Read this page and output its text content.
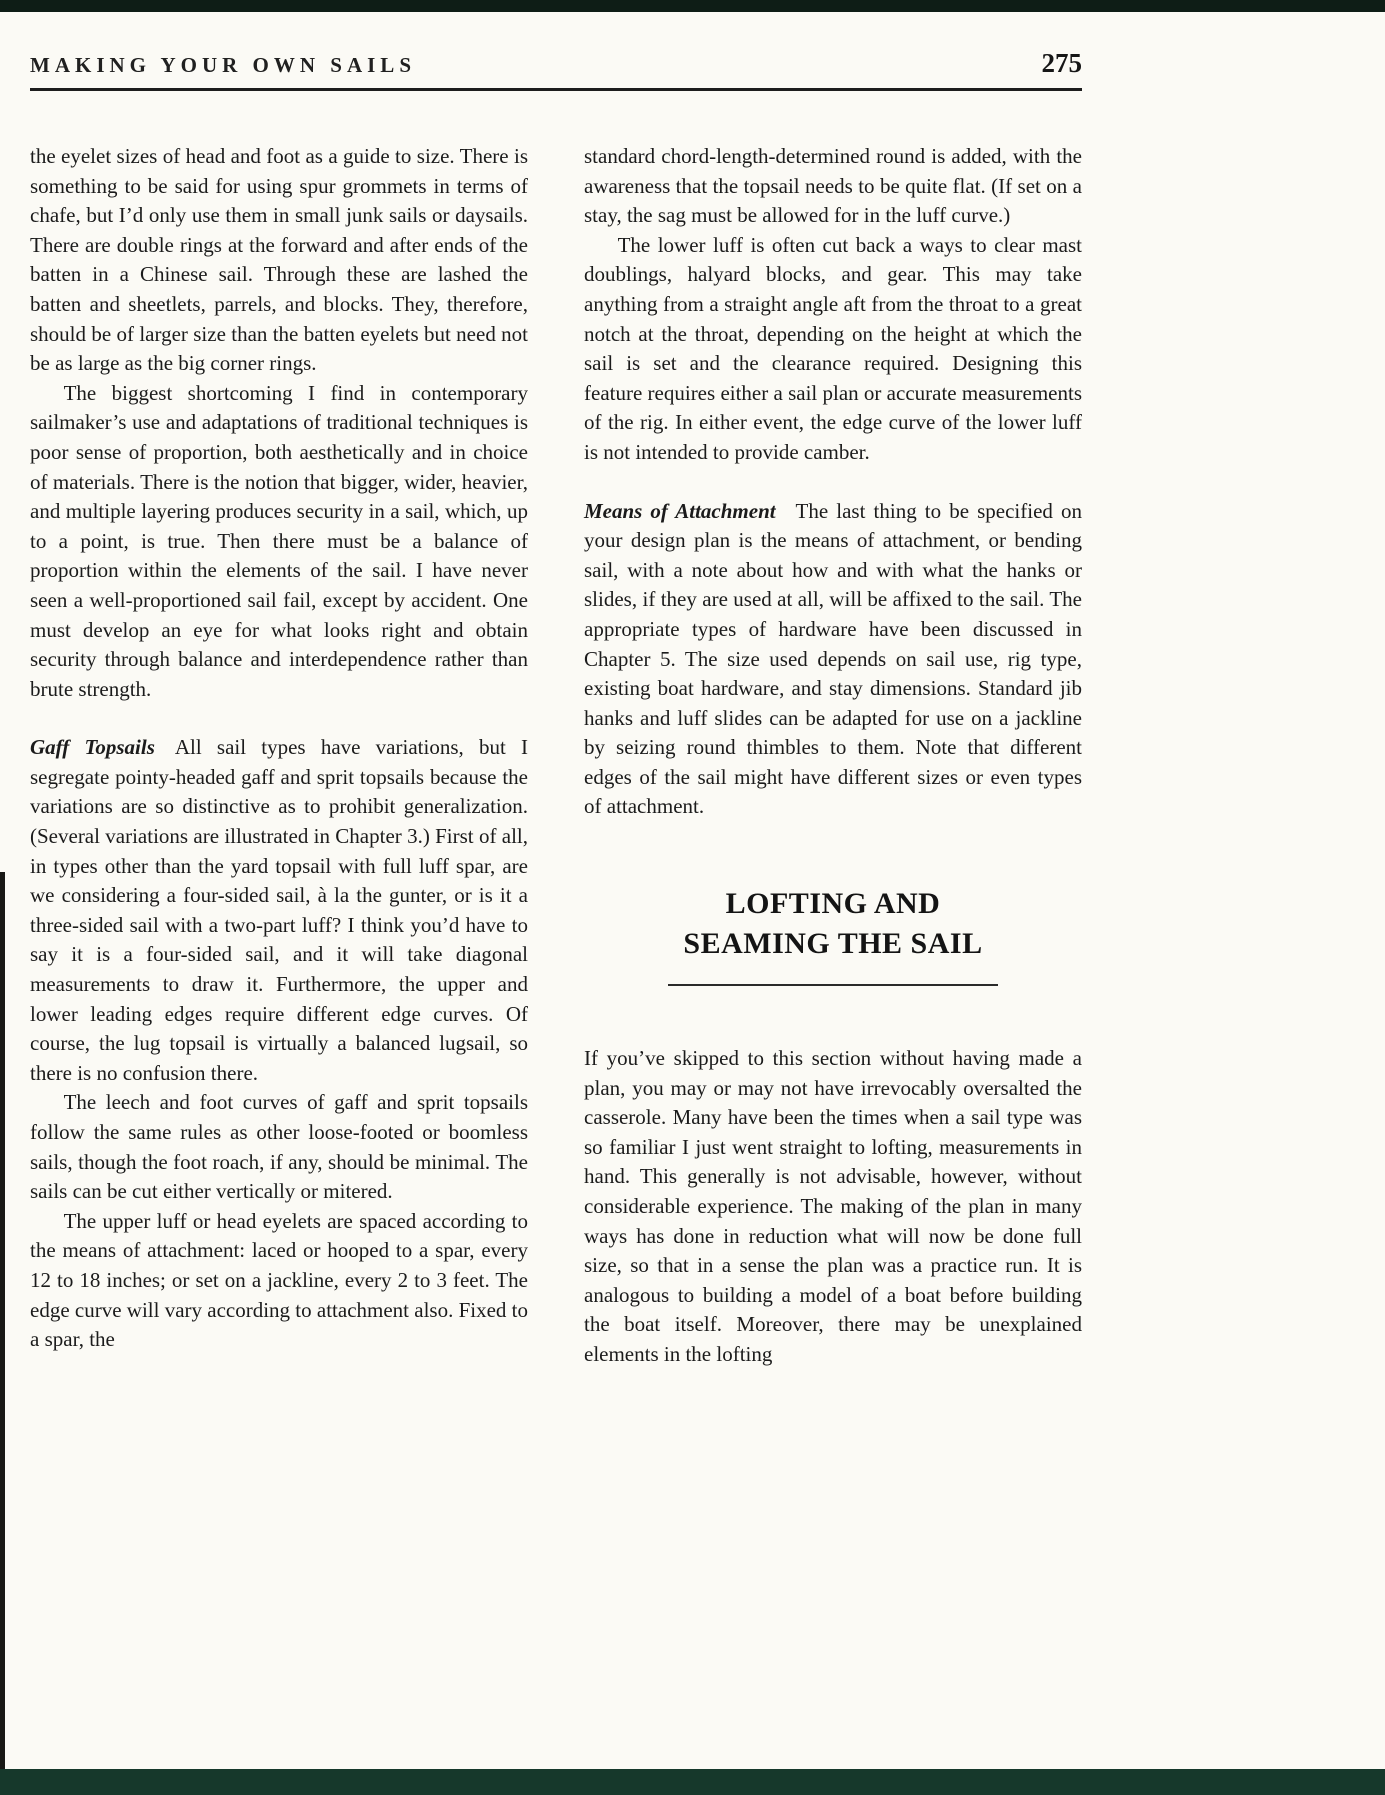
MAKING YOUR OWN SAILS	275

the eyelet sizes of head and foot as a guide to size. There is something to be said for using spur grommets in terms of chafe, but I’d only use them in small junk sails or daysails. There are double rings at the forward and after ends of the batten in a Chinese sail. Through these are lashed the batten and sheetlets, parrels, and blocks. They, therefore, should be of larger size than the batten eyelets but need not be as large as the big corner rings.

The biggest shortcoming I find in contemporary sailmaker’s use and adaptations of traditional techniques is poor sense of proportion, both aesthetically and in choice of materials. There is the notion that bigger, wider, heavier, and multiple layering produces security in a sail, which, up to a point, is true. Then there must be a balance of proportion within the elements of the sail. I have never seen a well-proportioned sail fail, except by accident. One must develop an eye for what looks right and obtain security through balance and interdependence rather than brute strength.

Gaff Topsails All sail types have variations, but I segregate pointy-headed gaff and sprit topsails because the variations are so distinctive as to prohibit generalization. (Several variations are illustrated in Chapter 3.) First of all, in types other than the yard topsail with full luff spar, are we considering a four-sided sail, à la the gunter, or is it a three-sided sail with a two-part luff? I think you’d have to say it is a four-sided sail, and it will take diagonal measurements to draw it. Furthermore, the upper and lower leading edges require different edge curves. Of course, the lug topsail is virtually a balanced lugsail, so there is no confusion there.

The leech and foot curves of gaff and sprit topsails follow the same rules as other loose-footed or boomless sails, though the foot roach, if any, should be minimal. The sails can be cut either vertically or mitered.

The upper luff or head eyelets are spaced according to the means of attachment: laced or hooped to a spar, every 12 to 18 inches; or set on a jackline, every 2 to 3 feet. The edge curve will vary according to attachment also. Fixed to a spar, the

standard chord-length-determined round is added, with the awareness that the topsail needs to be quite flat. (If set on a stay, the sag must be allowed for in the luff curve.)

The lower luff is often cut back a ways to clear mast doublings, halyard blocks, and gear. This may take anything from a straight angle aft from the throat to a great notch at the throat, depending on the height at which the sail is set and the clearance required. Designing this feature requires either a sail plan or accurate measurements of the rig. In either event, the edge curve of the lower luff is not intended to provide camber.

Means of Attachment The last thing to be specified on your design plan is the means of attachment, or bending sail, with a note about how and with what the hanks or slides, if they are used at all, will be affixed to the sail. The appropriate types of hardware have been discussed in Chapter 5. The size used depends on sail use, rig type, existing boat hardware, and stay dimensions. Standard jib hanks and luff slides can be adapted for use on a jackline by seizing round thimbles to them. Note that different edges of the sail might have different sizes or even types of attachment.

LOFTING AND
SEAMING THE SAIL

If you’ve skipped to this section without having made a plan, you may or may not have irrevocably oversalted the casserole. Many have been the times when a sail type was so familiar I just went straight to lofting, measurements in hand. This generally is not advisable, however, without considerable experience. The making of the plan in many ways has done in reduction what will now be done full size, so that in a sense the plan was a practice run. It is analogous to building a model of a boat before building the boat itself. Moreover, there may be unexplained elements in the lofting
